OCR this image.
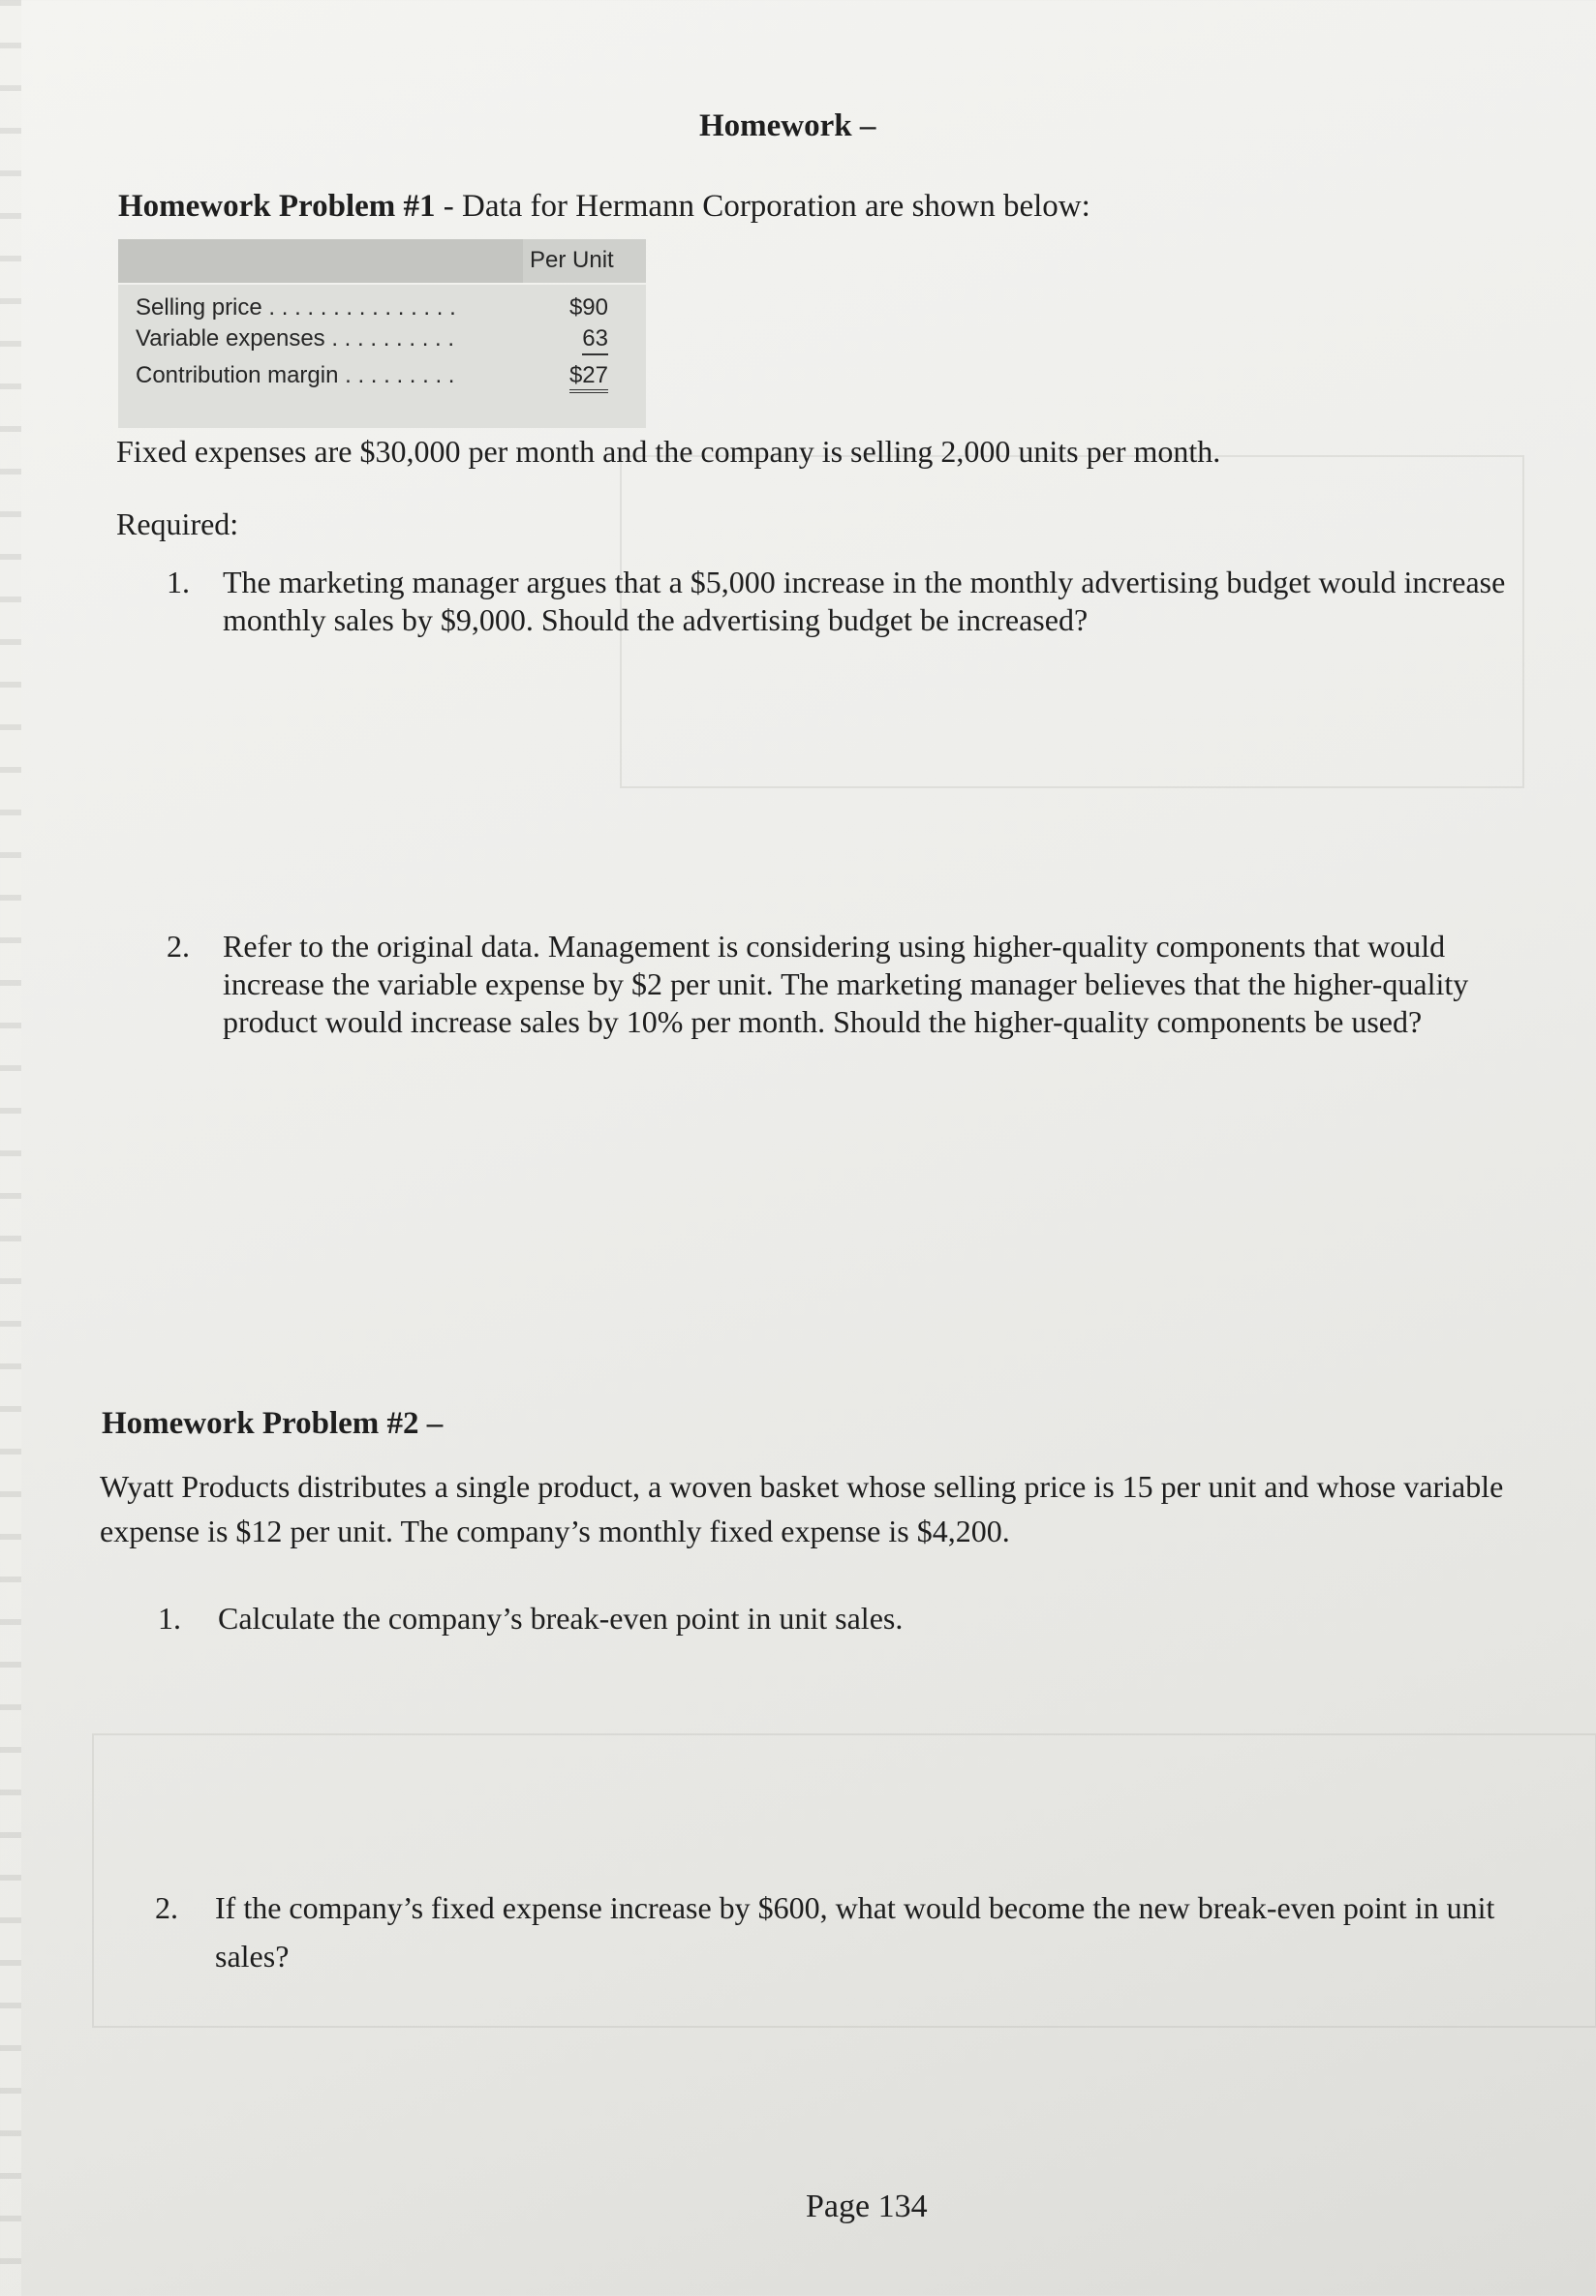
Homework –
Homework Problem #1 - Data for Hermann Corporation are shown below:
Per Unit
Selling price . . . . . . . . . . . . . . .	$90
Variable expenses . . . . . . . . . .	63
Contribution margin . . . . . . . . .	$27
Fixed expenses are $30,000 per month and the company is selling 2,000 units per month.
Required:
1. The marketing manager argues that a $5,000 increase in the monthly advertising budget would increase monthly sales by $9,000. Should the advertising budget be increased?
2. Refer to the original data. Management is considering using higher-quality components that would increase the variable expense by $2 per unit. The marketing manager believes that the higher-quality product would increase sales by 10% per month. Should the higher-quality components be used?
Homework Problem #2 –
Wyatt Products distributes a single product, a woven basket whose selling price is 15 per unit and whose variable expense is $12 per unit. The company’s monthly fixed expense is $4,200.
1. Calculate the company’s break-even point in unit sales.
2. If the company’s fixed expense increase by $600, what would become the new break-even point in unit sales?
Page 134
